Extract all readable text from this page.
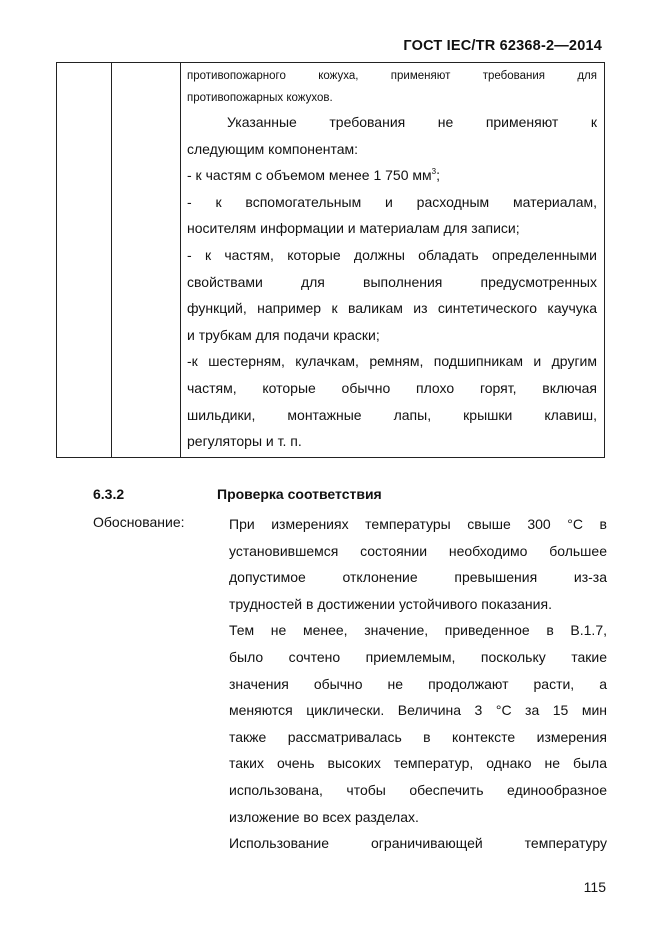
ГОСТ IEC/TR 62368-2—2014
противопожарного кожуха, применяют требования для
противопожарных кожухов.
Указанные требования не применяют к
следующим компонентам:
- к частям с объемом менее 1 750 $мм^3$;
- к вспомогательным и расходным материалам,
носителям информации и материалам для записи;
- к частям, которые должны обладать определенными
свойствами для выполнения предусмотренных
функций, например к валикам из синтетического каучука
и трубкам для подачи краски;
-к шестерням, кулачкам, ремням, подшипникам и другим
частям, которые обычно плохо горят, включая
шильдики, монтажные лапы, крышки клавиш,
регуляторы и т. п.
6.3.2	Проверка соответствия
Обоснование:	При измерениях температуры свыше 300 °С в
установившемся состоянии необходимо большее
допустимое отклонение превышения из-за
трудностей в достижении устойчивого показания.
Тем не менее, значение, приведенное в В.1.7,
было сочтено приемлемым, поскольку такие
значения обычно не продолжают расти, а
меняются циклически. Величина 3 °С за 15 мин
также рассматривалась в контексте измерения
таких очень высоких температур, однако не была
использована, чтобы обеспечить единообразное
изложение во всех разделах.
Использование ограничивающей температуру
115
